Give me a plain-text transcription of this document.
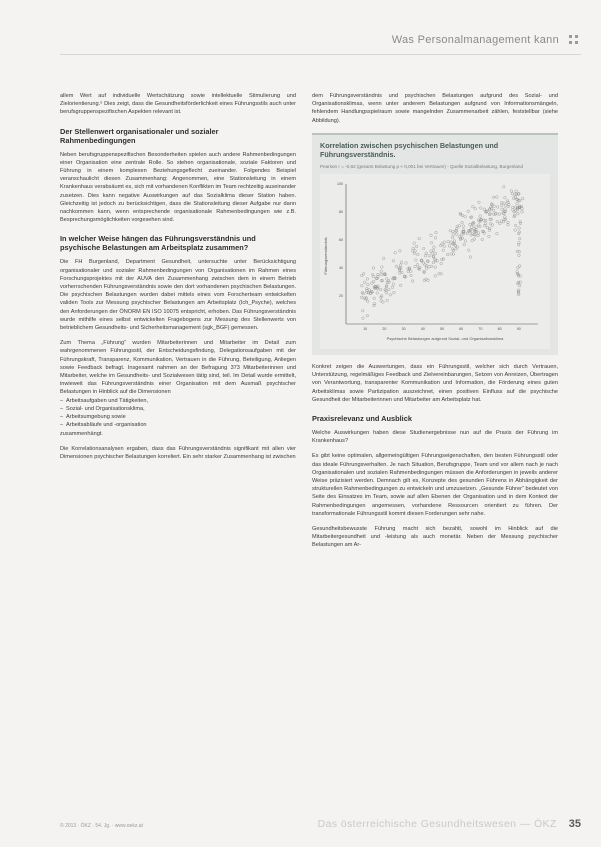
Was Personalmanagement kann

allem Wert auf individuelle Wertschätzung sowie intellektuelle Stimulierung und Zielorientierung.⁵ Dies zeigt, dass die Gesundheitsförderlichkeit eines Führungsstils auch unter berufsgruppenspezifischen Aspekten relevant ist.

Der Stellenwert organisationaler und sozialer Rahmenbedingungen

Neben berufsgruppenspezifischen Besonderheiten spielen auch andere Rahmenbedingungen einer Organisation eine zentrale Rolle. So stehen organisationale, soziale Faktoren und Führung in einem komplexen Beziehungsgeflecht zueinander. Folgendes Beispiel veranschaulicht diesen Zusammenhang: Angenommen, eine Stationsleitung in einem Krankenhaus verabsäumt es, sich mit vorhandenen Konflikten im Team rechtzeitig auseinander zusetzen. Dies kann negative Auswirkungen auf das Sozialklima dieser Station haben. Gleichzeitig ist jedoch zu berücksichtigen, dass die Stationsleitung dieser Aufgabe nur dann nachkommen kann, wenn entsprechende organisationale Rahmenbedingungen wie z.B. Besprechungsmöglichkeiten vorgesehen sind.

In welcher Weise hängen das Führungsverständnis und psychische Belastungen am Arbeitsplatz zusammen?

Die FH Burgenland, Department Gesundheit, untersuchte unter Berücksichtigung organisationaler und sozialer Rahmenbedingungen von Organisationen im Rahmen eines Forschungsprojektes mit der AUVA den Zusammenhang zwischen dem in einem Betrieb vorherrschenden Führungsverständnis sowie den dort vorhandenen psychischen Belastungen. Die psychischen Belastungen wurden dabei mittels eines vom Forscherteam entwickelten validen Tools zur Messung psychischer Belastungen am Arbeitsplatz (Ich_Psyche), welches den Anforderungen der ÖNORM EN ISO 10075 entspricht, erhoben. Das Führungsverständnis wurde mithilfe eines selbst entwickelten Fragebogens zur Messung des Stellenwerts von betrieblichem Gesundheits- und Sicherheitsmanagement (sgk_BGF) gemessen.

Zum Thema „Führung“ wurden Mitarbeiterinnen und Mitarbeiter im Detail zum wahrgenommenen Führungsstil, der Entscheidungsfindung, Delegationsaufgaben mit der Führungskraft, Transparenz, Kommunikation, Vertrauen in die Führung, Beteiligung, Anliegen sowie Feedback befragt. Insgesamt nahmen an der Befragung 373 Mitarbeiterinnen und Mitarbeiter, welche im Gesundheits- und Sozialwesen tätig sind, teil. Im Detail wurde ermittelt, inwieweit das Führungsverständnis einer Organisation mit dem Ausmaß psychischer Belastungen in Hinblick auf die Dimensionen

– Arbeitsaufgaben und Tätigkeiten,
– Sozial- und Organisationsklima,
– Arbeitsumgebung sowie
– Arbeitsabläufe und -organisation

zusammenhängt.

Die Korrelationsanalysen ergaben, dass das Führungsverständnis signifikant mit allen vier Dimensionen psychischer Belastungen korreliert. Ein sehr starker Zusammenhang ist zwischen

dem Führungsverständnis und psychischen Belastungen aufgrund des Sozial- und Organisationsklimas, wenn unter anderem Belastungen aufgrund von Informationsmängeln, fehlendem Handlungsspielraum sowie mangelnden Zusammenarbeit zählen, feststellbar (siehe Abbildung).

Korrelation zwischen psychischen Belastungen und Führungsverständnis.
Pearson r = -0,82 (gesamt Belastung p < 0,001 bei Vertrauen) - Quelle Sozialbelastung, Burgenland
10	20	30	40	50	60	70	80	90
20
40
60
80
100
Führungsverständnis
Psychische Belastungen aufgrund Sozial- und Organisationsklima

Konkret zeigen die Auswertungen, dass ein Führungsstil, welcher sich durch Vertrauen, Unterstützung, regelmäßiges Feedback und Zielvereinbarungen, Setzen von Anreizen, Übertragen von Verantwortung, transparenter Kommunikation und Information, die Förderung eines guten Arbeitsklimas sowie Partizipation auszeichnet, einen positiven Einfluss auf die psychische Gesundheit der Mitarbeiterinnen und Mitarbeiter am Arbeitsplatz hat.

Praxisrelevanz und Ausblick

Welche Auswirkungen haben diese Studienergebnisse nun auf die Praxis der Führung im Krankenhaus?

Es gibt keine optimalen, allgemeingültigen Führungseigenschaften, den besten Führungsstil oder das ideale Führungsverhalten. Je nach Situation, Berufsgruppe, Team und vor allem nach je nach Organisationalen und sozialen Rahmenbedingungen müssen die Anforderungen in jeweils anderer Weise präzisiert werden. Demnach gilt es, Konzepte des gesunden Führens in Abhängigkeit der strukturellen Rahmenbedingungen zu entwickeln und umzusetzen. „Gesunde Führer“ bedeutet von Seite des Einsatzes im Team, sowie auf allen Ebenen der Organisation und in dem Kontext der Rahmenbedingungen angemessen, vorhandene Ressourcen orientiert zu führen. Der transformationale Führungsstil kommt diesen Forderungen sehr nahe.

Gesundheitsbewusste Führung macht sich bezahlt, sowohl im Hinblick auf die Mitarbeitergesundheit und -leistung als auch monetär. Neben der Messung psychischer Belastungen am Ar-

© 2013 · ÖKZ · 54. Jg. · www.oekz.at	Das österreichische Gesundheitswesen — ÖKZ 35
